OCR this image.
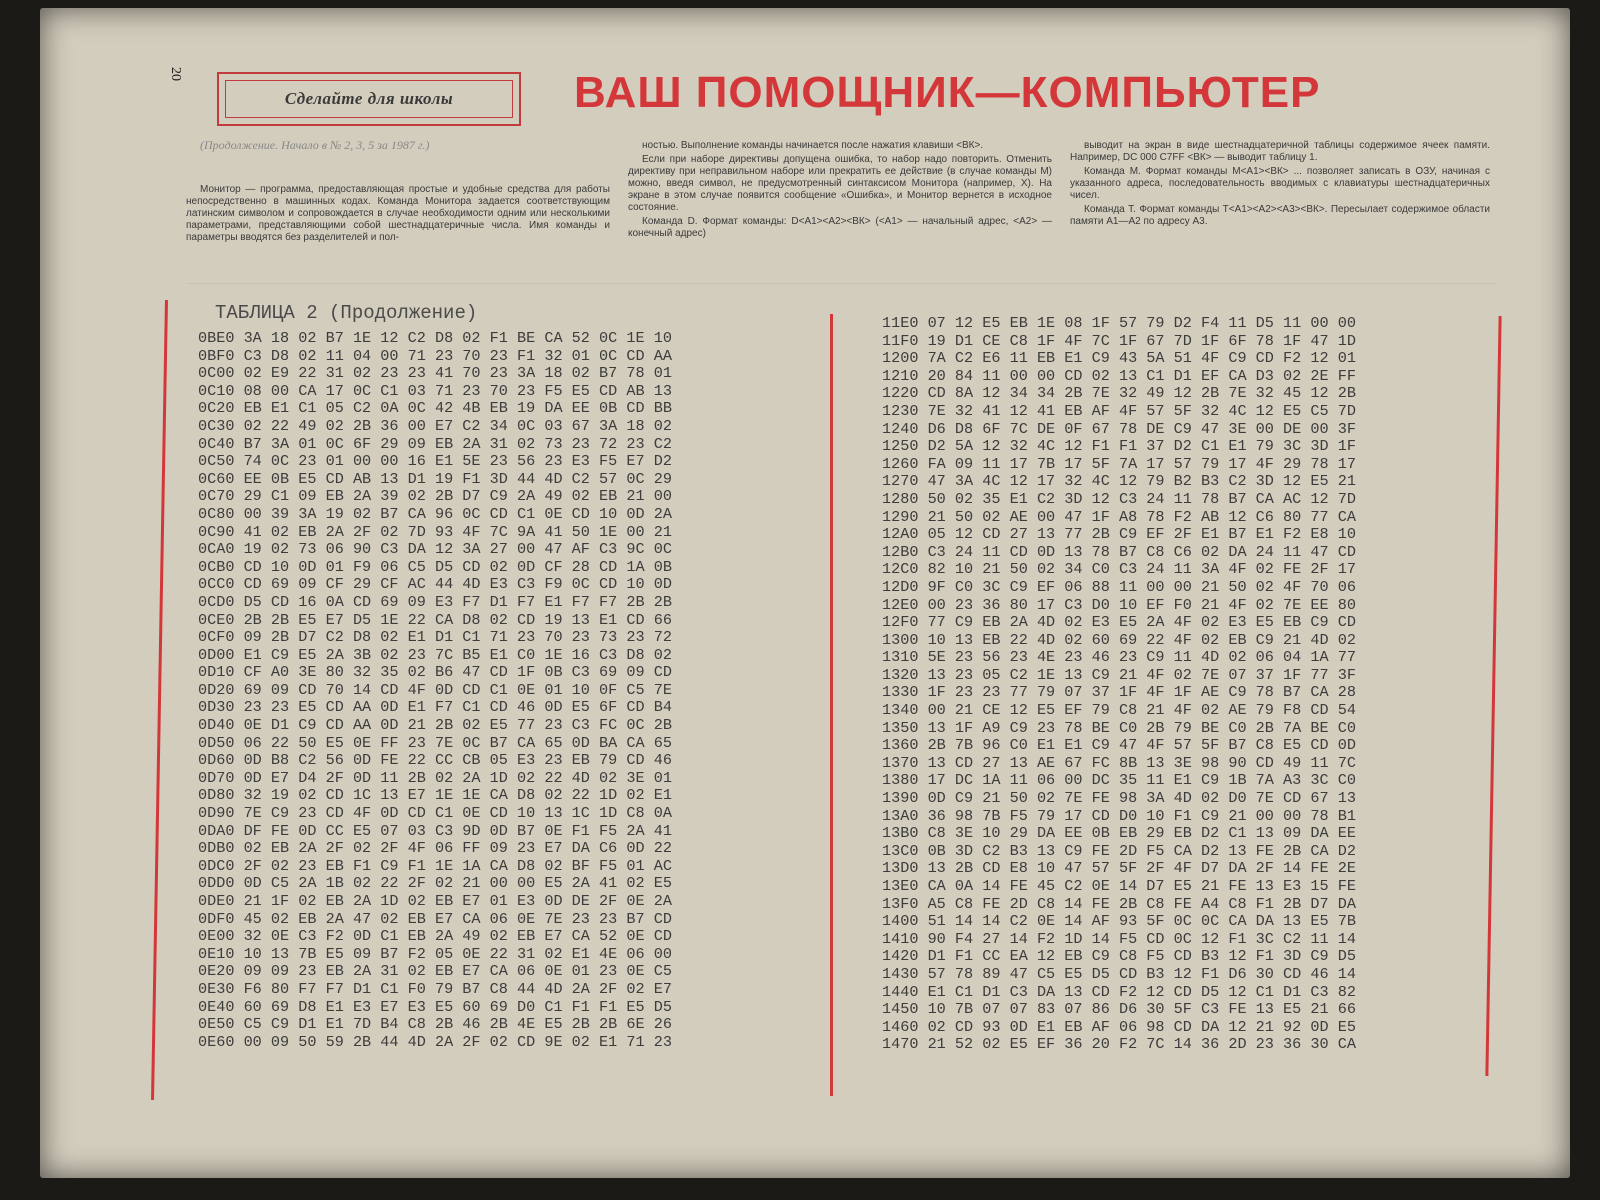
20
Сделайте для школы	ВАШ ПОМОЩНИК—КОМПЬЮТЕР
(Продолжение. Начало в № 2, 3, 5 за 1987 г.)

Монитор — программа, предоставляющая простые и удобные средства для работы непосредственно в машинных кодах. Команда Монитора задается соответствующим латинским символом и сопровождается в случае необходимости одним или несколькими параметрами, представляющими собой шестнадцатеричные числа. Имя команды и параметры вводятся без разделителей и пол-

ностью. Выполнение команды начинается после нажатия клавиши <ВК>.

Если при наборе директивы допущена ошибка, то набор надо повторить. Отменить директиву при неправильном наборе или прекратить ее действие (в случае команды М) можно, введя символ, не предусмотренный синтаксисом Монитора (например, Х). На экране в этом случае появится сообщение «Ошибка», и Монитор вернется в исходное состояние.

Команда D. Формат команды: D<A1><A2><ВК> (<A1> — начальный адрес, <A2> — конечный адрес)

выводит на экран в виде шестнадцатеричной таблицы содержимое ячеек памяти. Например, DC 000 C7FF <ВК> — выводит таблицу 1.

Команда М. Формат команды M<A1><ВК> ... позволяет записать в ОЗУ, начиная с указанного адреса, последовательность вводимых с клавиатуры шестнадцатеричных чисел.

Команда Т. Формат команды T<A1><A2><A3><ВК>. Пересылает содержимое области памяти A1—A2 по адресу A3.

ТАБЛИЦА 2 (Продолжение)
0BE0 3A 18 02 B7 1E 12 C2 D8 02 F1 BE CA 52 0C 1E 10
0BF0 C3 D8 02 11 04 00 71 23 70 23 F1 32 01 0C CD AA
0C00 02 E9 22 31 02 23 23 41 70 23 3A 18 02 B7 78 01
0C10 08 00 CA 17 0C C1 03 71 23 70 23 F5 E5 CD AB 13
0C20 EB E1 C1 05 C2 0A 0C 42 4B EB 19 DA EE 0B CD BB
0C30 02 22 49 02 2B 36 00 E7 C2 34 0C 03 67 3A 18 02
0C40 B7 3A 01 0C 6F 29 09 EB 2A 31 02 73 23 72 23 C2
0C50 74 0C 23 01 00 00 16 E1 5E 23 56 23 E3 F5 E7 D2
0C60 EE 0B E5 CD AB 13 D1 19 F1 3D 44 4D C2 57 0C 29
0C70 29 C1 09 EB 2A 39 02 2B D7 C9 2A 49 02 EB 21 00
0C80 00 39 3A 19 02 B7 CA 96 0C CD C1 0E CD 10 0D 2A
0C90 41 02 EB 2A 2F 02 7D 93 4F 7C 9A 41 50 1E 00 21
0CA0 19 02 73 06 90 C3 DA 12 3A 27 00 47 AF C3 9C 0C
0CB0 CD 10 0D 01 F9 06 C5 D5 CD 02 0D CF 28 CD 1A 0B
0CC0 CD 69 09 CF 29 CF AC 44 4D E3 C3 F9 0C CD 10 0D
0CD0 D5 CD 16 0A CD 69 09 E3 F7 D1 F7 E1 F7 F7 2B 2B
0CE0 2B 2B E5 E7 D5 1E 22 CA D8 02 CD 19 13 E1 CD 66
0CF0 09 2B D7 C2 D8 02 E1 D1 C1 71 23 70 23 73 23 72
0D00 E1 C9 E5 2A 3B 02 23 7C B5 E1 C0 1E 16 C3 D8 02
0D10 CF A0 3E 80 32 35 02 B6 47 CD 1F 0B C3 69 09 CD
0D20 69 09 CD 70 14 CD 4F 0D CD C1 0E 01 10 0F C5 7E
0D30 23 23 E5 CD AA 0D E1 F7 C1 CD 46 0D E5 6F CD B4
0D40 0E D1 C9 CD AA 0D 21 2B 02 E5 77 23 C3 FC 0C 2B
0D50 06 22 50 E5 0E FF 23 7E 0C B7 CA 65 0D BA CA 65
0D60 0D B8 C2 56 0D FE 22 CC CB 05 E3 23 EB 79 CD 46
0D70 0D E7 D4 2F 0D 11 2B 02 2A 1D 02 22 4D 02 3E 01
0D80 32 19 02 CD 1C 13 E7 1E 1E CA D8 02 22 1D 02 E1
0D90 7E C9 23 CD 4F 0D CD C1 0E CD 10 13 1C 1D C8 0A
0DA0 DF FE 0D CC E5 07 03 C3 9D 0D B7 0E F1 F5 2A 41
0DB0 02 EB 2A 2F 02 2F 4F 06 FF 09 23 E7 DA C6 0D 22
0DC0 2F 02 23 EB F1 C9 F1 1E 1A CA D8 02 BF F5 01 AC
0DD0 0D C5 2A 1B 02 22 2F 02 21 00 00 E5 2A 41 02 E5
0DE0 21 1F 02 EB 2A 1D 02 EB E7 01 E3 0D DE 2F 0E 2A
0DF0 45 02 EB 2A 47 02 EB E7 CA 06 0E 7E 23 23 B7 CD
0E00 32 0E C3 F2 0D C1 EB 2A 49 02 EB E7 CA 52 0E CD
0E10 10 13 7B E5 09 B7 F2 05 0E 22 31 02 E1 4E 06 00
0E20 09 09 23 EB 2A 31 02 EB E7 CA 06 0E 01 23 0E C5
0E30 F6 80 F7 F7 D1 C1 F0 79 B7 C8 44 4D 2A 2F 02 E7
0E40 60 69 D8 E1 E3 E7 E3 E5 60 69 D0 C1 F1 F1 E5 D5
0E50 C5 C9 D1 E1 7D B4 C8 2B 46 2B 4E E5 2B 2B 6E 26
0E60 00 09 50 59 2B 44 4D 2A 2F 02 CD 9E 02 E1 71 23
11E0 07 12 E5 EB 1E 08 1F 57 79 D2 F4 11 D5 11 00 00
11F0 19 D1 CE C8 1F 4F 7C 1F 67 7D 1F 6F 78 1F 47 1D
1200 7A C2 E6 11 EB E1 C9 43 5A 51 4F C9 CD F2 12 01
1210 20 84 11 00 00 CD 02 13 C1 D1 EF CA D3 02 2E FF
1220 CD 8A 12 34 34 2B 7E 32 49 12 2B 7E 32 45 12 2B
1230 7E 32 41 12 41 EB AF 4F 57 5F 32 4C 12 E5 C5 7D
1240 D6 D8 6F 7C DE 0F 67 78 DE C9 47 3E 00 DE 00 3F
1250 D2 5A 12 32 4C 12 F1 F1 37 D2 C1 E1 79 3C 3D 1F
1260 FA 09 11 17 7B 17 5F 7A 17 57 79 17 4F 29 78 17
1270 47 3A 4C 12 17 32 4C 12 79 B2 B3 C2 3D 12 E5 21
1280 50 02 35 E1 C2 3D 12 C3 24 11 78 B7 CA AC 12 7D
1290 21 50 02 AE 00 47 1F A8 78 F2 AB 12 C6 80 77 CA
12A0 05 12 CD 27 13 77 2B C9 EF 2F E1 B7 E1 F2 E8 10
12B0 C3 24 11 CD 0D 13 78 B7 C8 C6 02 DA 24 11 47 CD
12C0 82 10 21 50 02 34 C0 C3 24 11 3A 4F 02 FE 2F 17
12D0 9F C0 3C C9 EF 06 88 11 00 00 21 50 02 4F 70 06
12E0 00 23 36 80 17 C3 D0 10 EF F0 21 4F 02 7E EE 80
12F0 77 C9 EB 2A 4D 02 E3 E5 2A 4F 02 E3 E5 EB C9 CD
1300 10 13 EB 22 4D 02 60 69 22 4F 02 EB C9 21 4D 02
1310 5E 23 56 23 4E 23 46 23 C9 11 4D 02 06 04 1A 77
1320 13 23 05 C2 1E 13 C9 21 4F 02 7E 07 37 1F 77 3F
1330 1F 23 23 77 79 07 37 1F 4F 1F AE C9 78 B7 CA 28
1340 00 21 CE 12 E5 EF 79 C8 21 4F 02 AE 79 F8 CD 54
1350 13 1F A9 C9 23 78 BE C0 2B 79 BE C0 2B 7A BE C0
1360 2B 7B 96 C0 E1 E1 C9 47 4F 57 5F B7 C8 E5 CD 0D
1370 13 CD 27 13 AE 67 FC 8B 13 3E 98 90 CD 49 11 7C
1380 17 DC 1A 11 06 00 DC 35 11 E1 C9 1B 7A A3 3C C0
1390 0D C9 21 50 02 7E FE 98 3A 4D 02 D0 7E CD 67 13
13A0 36 98 7B F5 79 17 CD D0 10 F1 C9 21 00 00 78 B1
13B0 C8 3E 10 29 DA EE 0B EB 29 EB D2 C1 13 09 DA EE
13C0 0B 3D C2 B3 13 C9 FE 2D F5 CA D2 13 FE 2B CA D2
13D0 13 2B CD E8 10 47 57 5F 2F 4F D7 DA 2F 14 FE 2E
13E0 CA 0A 14 FE 45 C2 0E 14 D7 E5 21 FE 13 E3 15 FE
13F0 A5 C8 FE 2D C8 14 FE 2B C8 FE A4 C8 F1 2B D7 DA
1400 51 14 14 C2 0E 14 AF 93 5F 0C 0C CA DA 13 E5 7B
1410 90 F4 27 14 F2 1D 14 F5 CD 0C 12 F1 3C C2 11 14
1420 D1 F1 CC EA 12 EB C9 C8 F5 CD B3 12 F1 3D C9 D5
1430 57 78 89 47 C5 E5 D5 CD B3 12 F1 D6 30 CD 46 14
1440 E1 C1 D1 C3 DA 13 CD F2 12 CD D5 12 C1 D1 C3 82
1450 10 7B 07 07 83 07 86 D6 30 5F C3 FE 13 E5 21 66
1460 02 CD 93 0D E1 EB AF 06 98 CD DA 12 21 92 0D E5
1470 21 52 02 E5 EF 36 20 F2 7C 14 36 2D 23 36 30 CA
